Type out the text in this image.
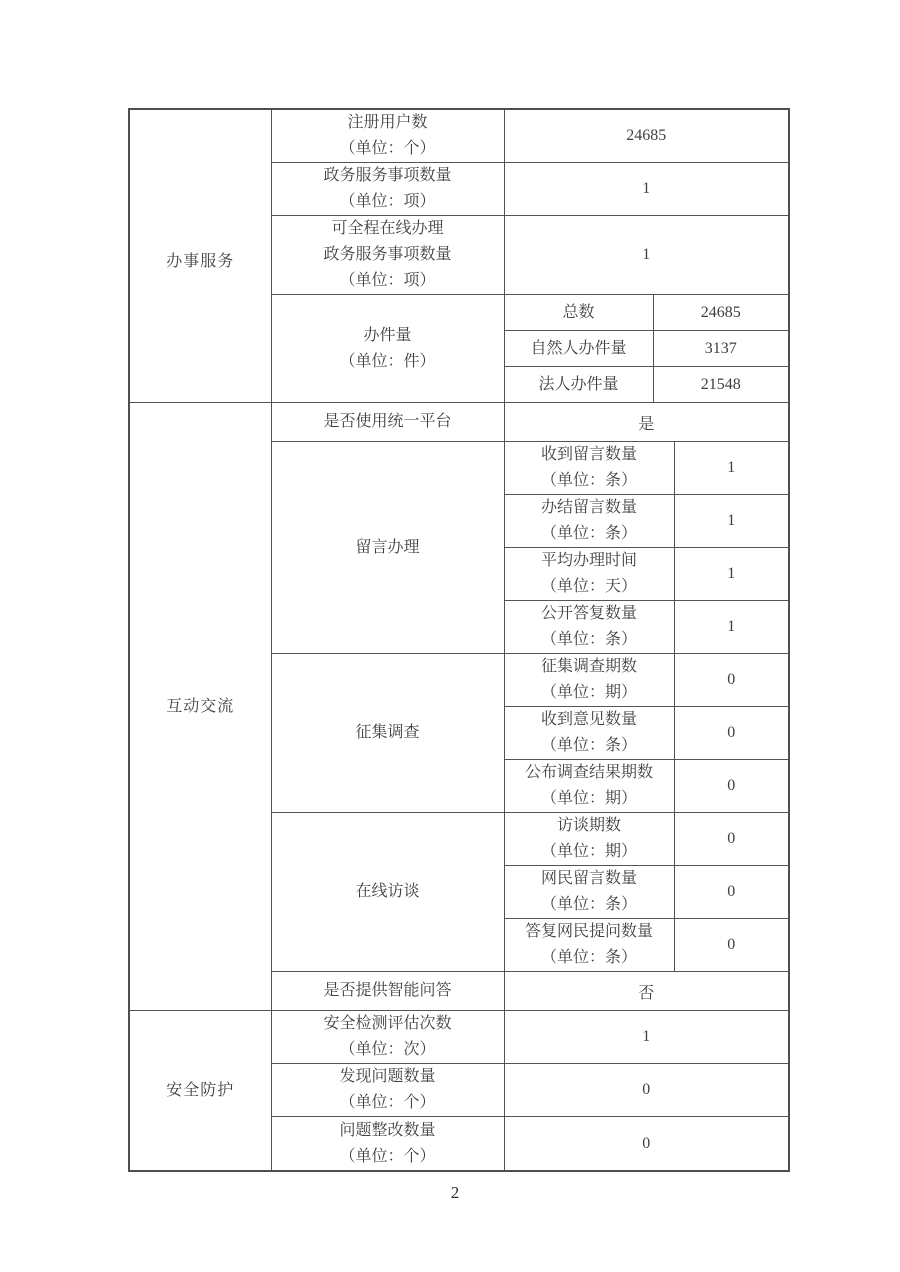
办事服务	注册用户数
（单位：个）	24685		

	政务服务事项数量
（单位：项）	1		

	可全程在线办理
政务服务事项数量
（单位：项）	1		

	办件量
（单位：件）	总数	24685	

		自然人办件量	3137	

		法人办件量	21548	

互动交流	是否使用统一平台	是		

	留言办理	收到留言数量
（单位：条）		1

		办结留言数量
（单位：条）		1

		平均办理时间
（单位：天）		1

		公开答复数量
（单位：条）		1

	征集调查	征集调查期数
（单位：期）		0

		收到意见数量
（单位：条）		0

		公布调查结果期数
（单位：期）		0

	在线访谈	访谈期数
（单位：期）		0

		网民留言数量
（单位：条）		0

		答复网民提问数量
（单位：条）		0

	是否提供智能问答	否		

安全防护	安全检测评估次数
（单位：次）	1		

	发现问题数量
（单位：个）	0		

	问题整改数量
（单位：个）	0		
2
